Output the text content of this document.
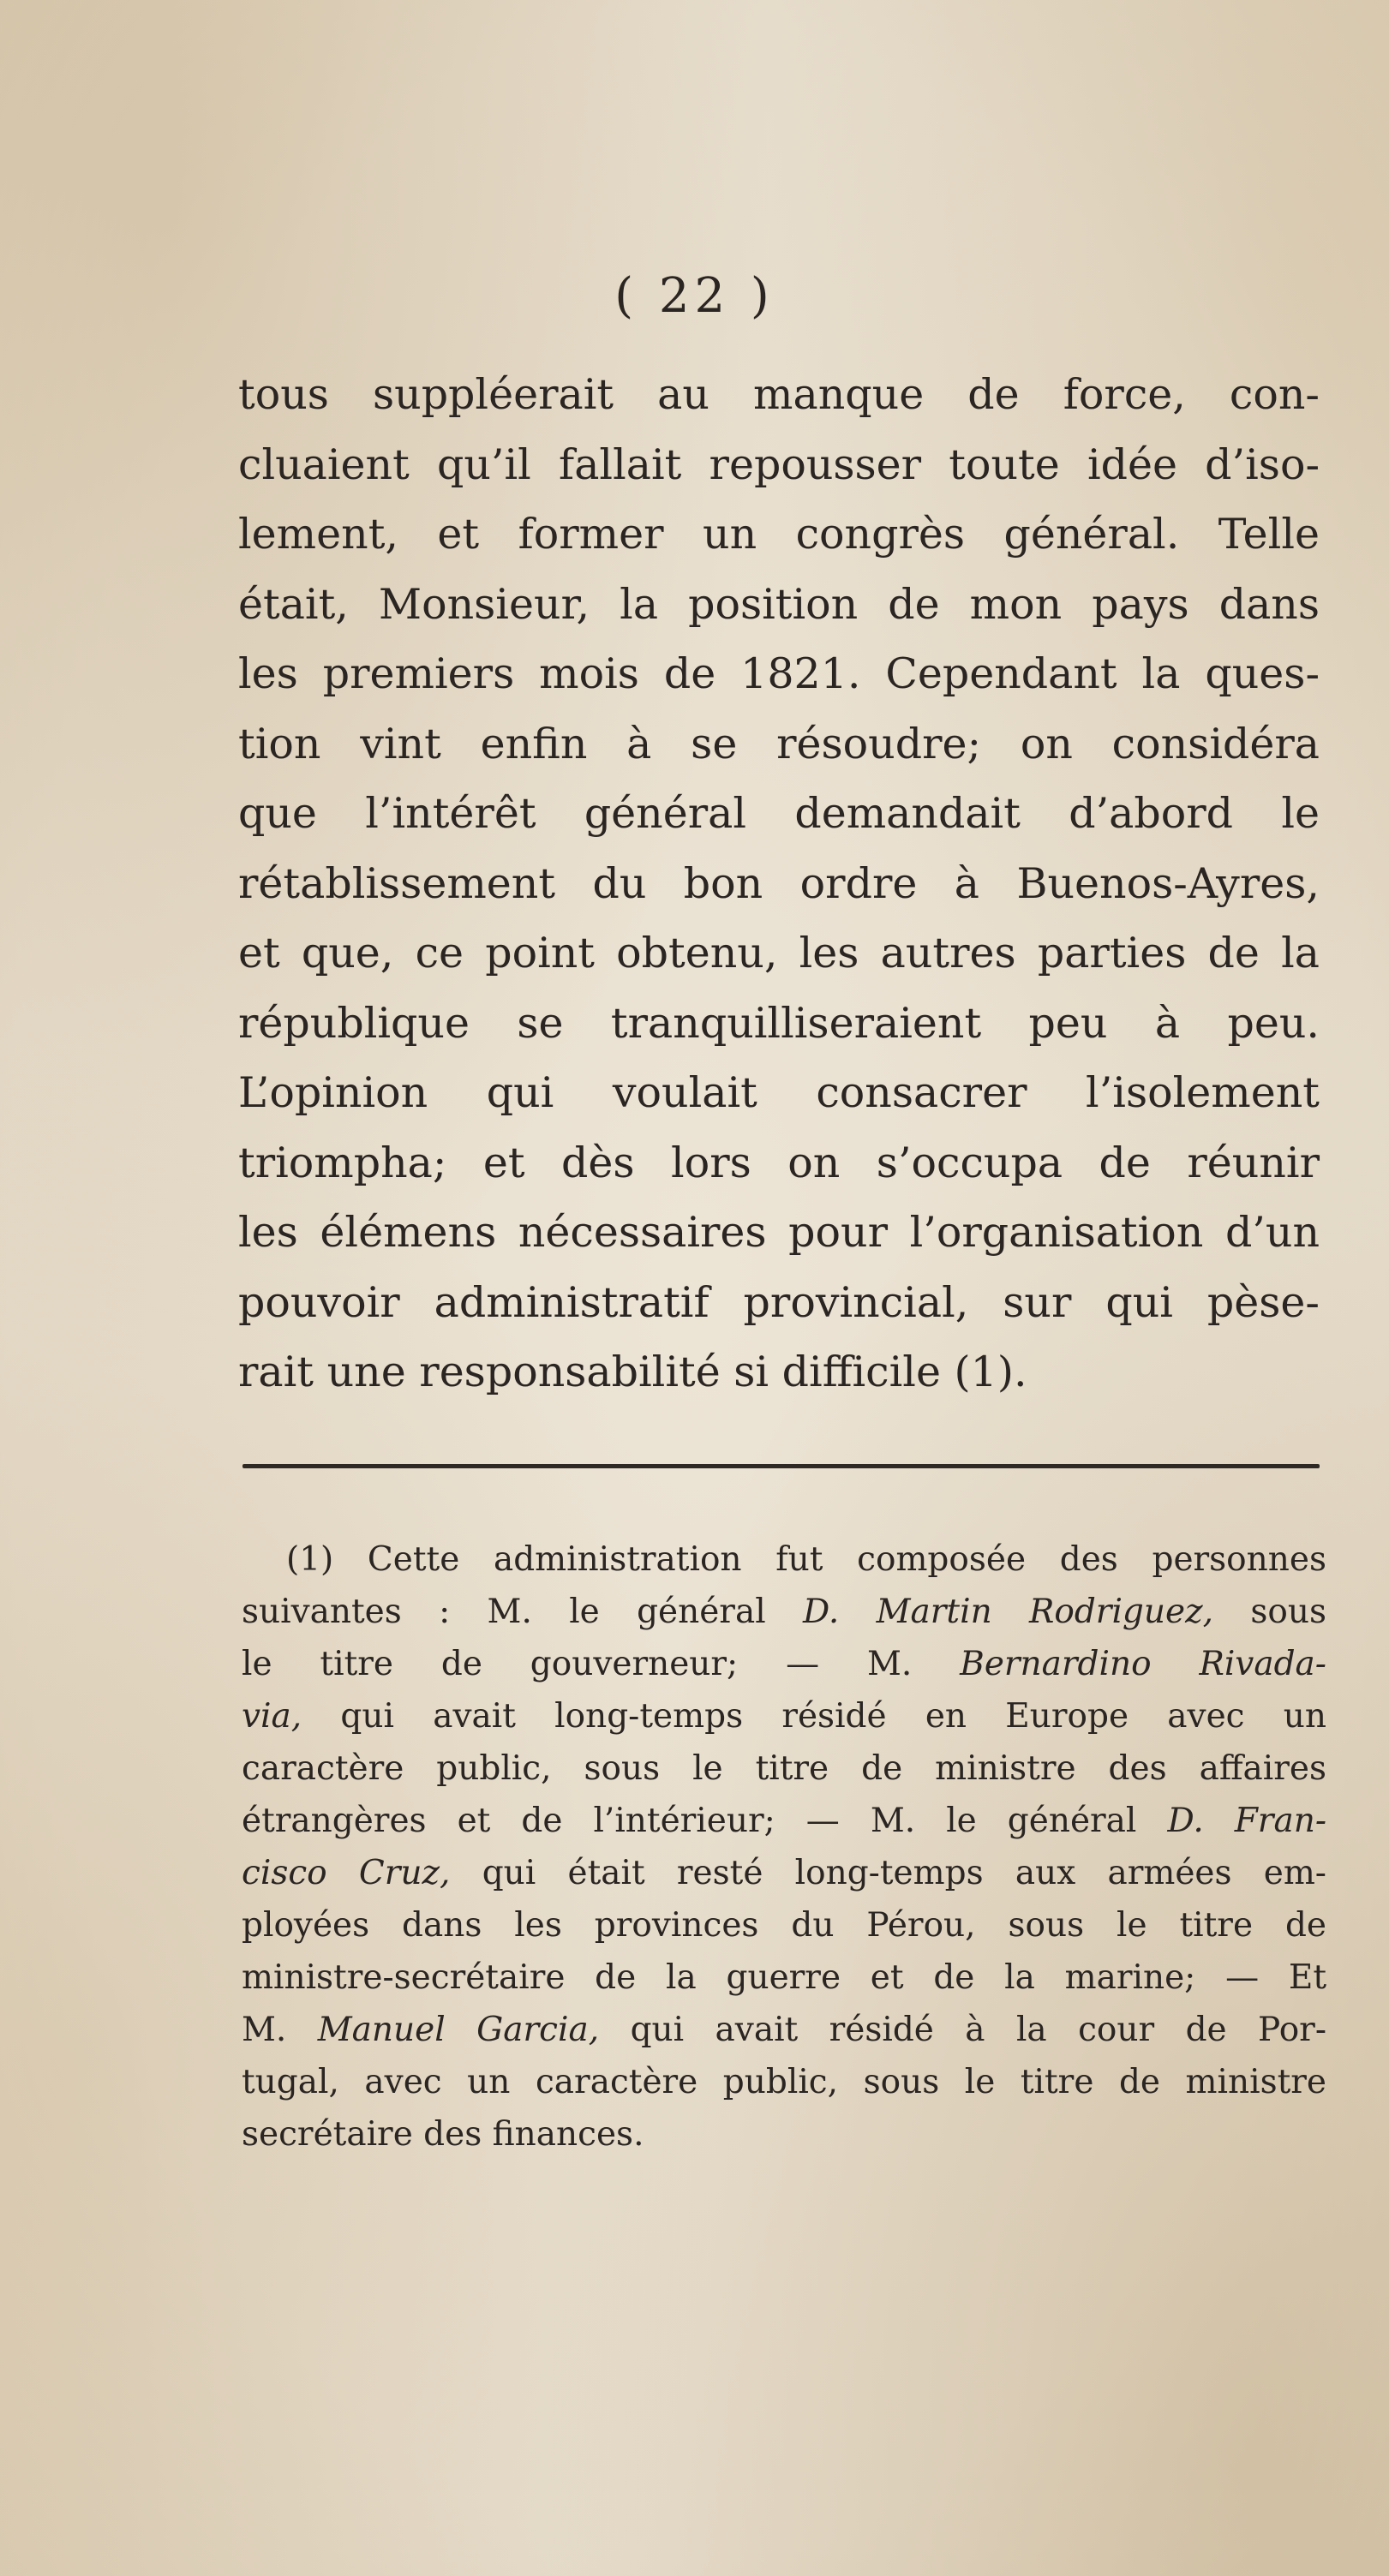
( 22 )
tous suppléerait au manque de force, con-
cluaient qu’il fallait repousser toute idée d’iso-
lement, et former un congrès général. Telle
était, Monsieur, la position de mon pays dans
les premiers mois de 1821. Cependant la ques-
tion vint enfin à se résoudre; on considéra
que l’intérêt général demandait d’abord le
rétablissement du bon ordre à Buenos-Ayres,
et que, ce point obtenu, les autres parties de la
république se tranquilliseraient peu à peu.
L’opinion qui voulait consacrer l’isolement
triompha; et dès lors on s’occupa de réunir
les élémens nécessaires pour l’organisation d’un
pouvoir administratif provincial, sur qui pèse-
rait une responsabilité si difficile (1).
(1) Cette administration fut composée des personnes
suivantes : M. le général D. Martin Rodriguez, sous
le titre de gouverneur; — M. Bernardino Rivada-
via, qui avait long-temps résidé en Europe avec un
caractère public, sous le titre de ministre des affaires
étrangères et de l’intérieur; — M. le général D. Fran-
cisco Cruz, qui était resté long-temps aux armées em-
ployées dans les provinces du Pérou, sous le titre de
ministre-secrétaire de la guerre et de la marine; — Et
M. Manuel Garcia, qui avait résidé à la cour de Por-
tugal, avec un caractère public, sous le titre de ministre
secrétaire des finances.
